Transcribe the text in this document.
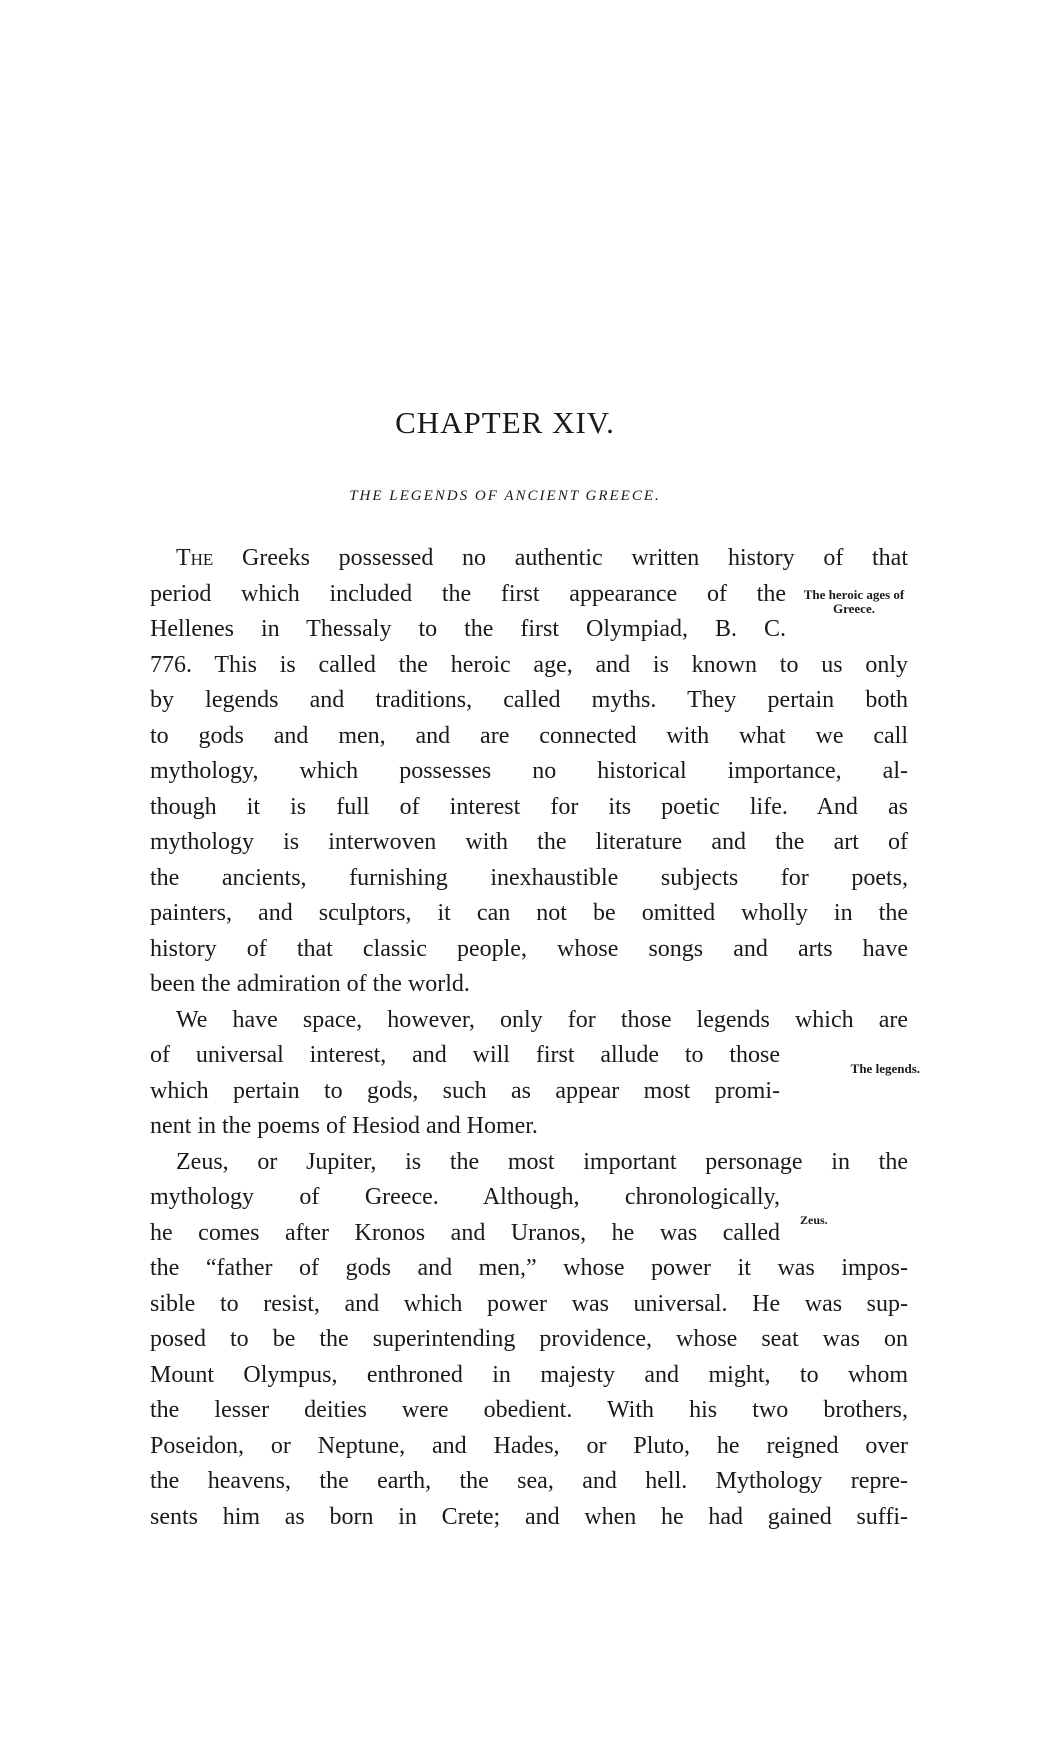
CHAPTER XIV.
THE LEGENDS OF ANCIENT GREECE.
The Greeks possessed no authentic written history of that
period which included the first appearance of the
Hellenes in Thessaly to the first Olympiad, B. C.
776. This is called the heroic age, and is known to us only
by legends and traditions, called myths. They pertain both
to gods and men, and are connected with what we call
mythology, which possesses no historical importance, al-
though it is full of interest for its poetic life. And as
mythology is interwoven with the literature and the art of
the ancients, furnishing inexhaustible subjects for poets,
painters, and sculptors, it can not be omitted wholly in the
history of that classic people, whose songs and arts have
been the admiration of the world.
The heroic ages of Greece.
We have space, however, only for those legends which are
of universal interest, and will first allude to those
which pertain to gods, such as appear most promi-
nent in the poems of Hesiod and Homer.
The legends.
Zeus, or Jupiter, is the most important personage in the
mythology of Greece. Although, chronologically,
he comes after Kronos and Uranos, he was called
the “father of gods and men,” whose power it was impos-
sible to resist, and which power was universal. He was sup-
posed to be the superintending providence, whose seat was on
Mount Olympus, enthroned in majesty and might, to whom
the lesser deities were obedient. With his two brothers,
Poseidon, or Neptune, and Hades, or Pluto, he reigned over
the heavens, the earth, the sea, and hell. Mythology repre-
sents him as born in Crete; and when he had gained suffi-
Zeus.
